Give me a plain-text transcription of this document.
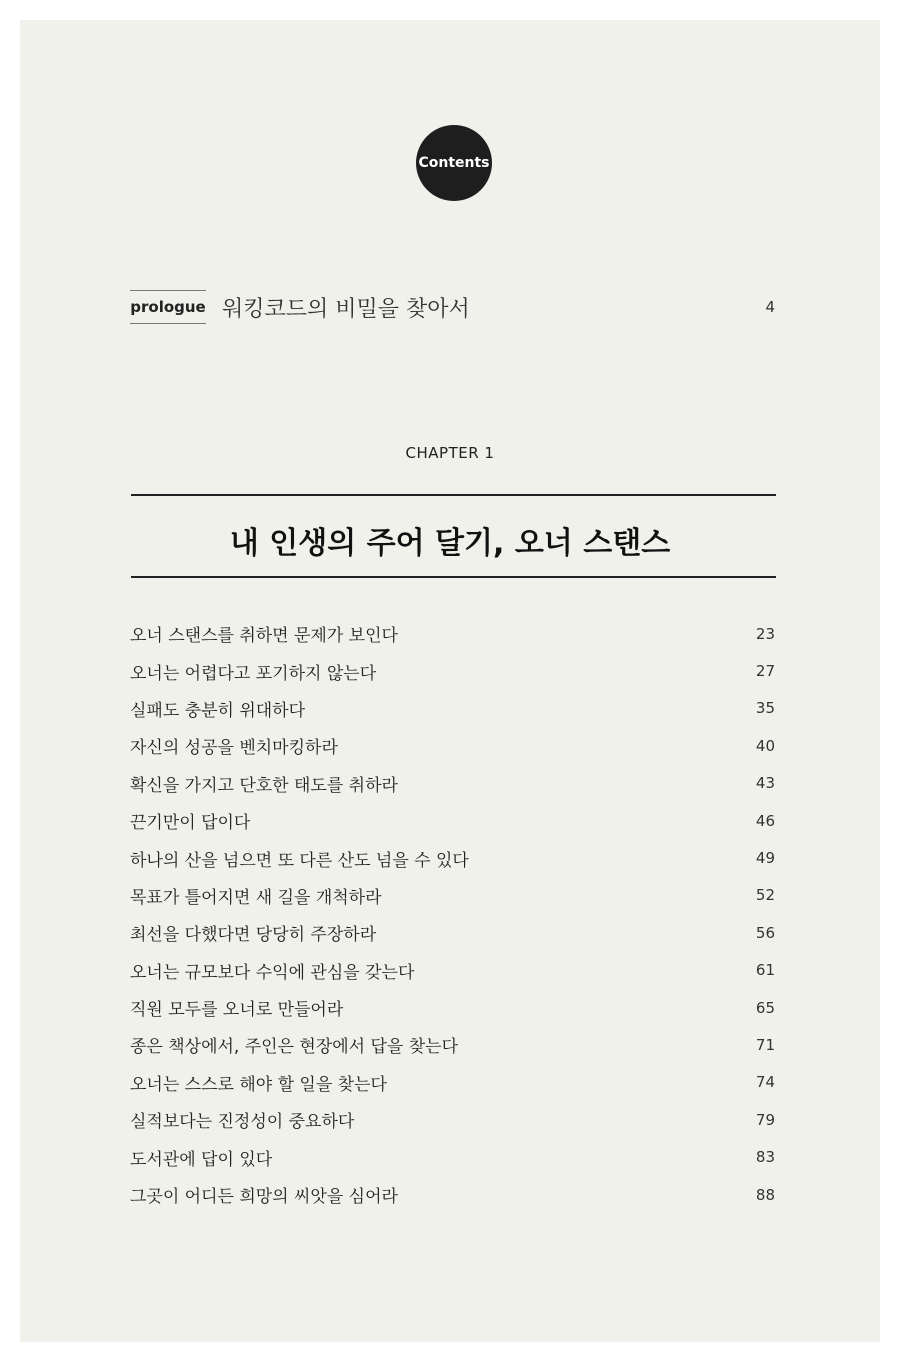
Contents
prologue 워킹코드의 비밀을 찾아서	4
CHAPTER 1
내 인생의 주어 달기, 오너 스탠스
오너 스탠스를 취하면 문제가 보인다	23
오너는 어렵다고 포기하지 않는다	27
실패도 충분히 위대하다	35
자신의 성공을 벤치마킹하라	40
확신을 가지고 단호한 태도를 취하라	43
끈기만이 답이다	46
하나의 산을 넘으면 또 다른 산도 넘을 수 있다	49
목표가 틀어지면 새 길을 개척하라	52
최선을 다했다면 당당히 주장하라	56
오너는 규모보다 수익에 관심을 갖는다	61
직원 모두를 오너로 만들어라	65
종은 책상에서, 주인은 현장에서 답을 찾는다	71
오너는 스스로 해야 할 일을 찾는다	74
실적보다는 진정성이 중요하다	79
도서관에 답이 있다	83
그곳이 어디든 희망의 씨앗을 심어라	88
